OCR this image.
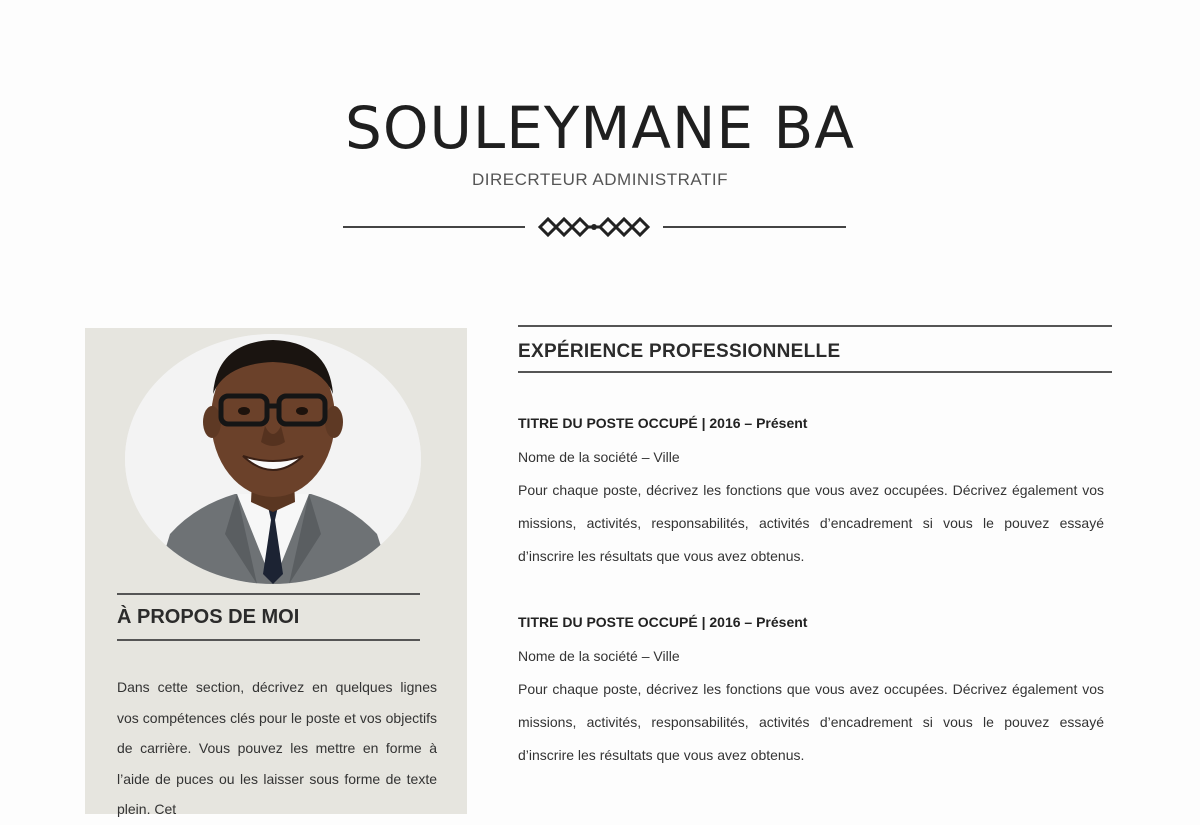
SOULEYMANE BA
DIRECRTEUR ADMINISTRATIF
À PROPOS DE MOI
Dans cette section, décrivez en quelques lignes vos compétences clés pour le poste et vos objectifs de carrière. Vous pouvez les mettre en forme à l’aide de puces ou les laisser sous forme de texte plein. Cet
EXPÉRIENCE PROFESSIONNELLE
TITRE DU POSTE OCCUPÉ | 2016 – Présent
Nome de la société – Ville
Pour chaque poste, décrivez les fonctions que vous avez occupées. Décrivez également vos missions, activités, responsabilités, activités d’encadrement si vous le pouvez essayé d’inscrire les résultats que vous avez obtenus.
TITRE DU POSTE OCCUPÉ | 2016 – Présent
Nome de la société – Ville
Pour chaque poste, décrivez les fonctions que vous avez occupées. Décrivez également vos missions, activités, responsabilités, activités d’encadrement si vous le pouvez essayé d’inscrire les résultats que vous avez obtenus.
